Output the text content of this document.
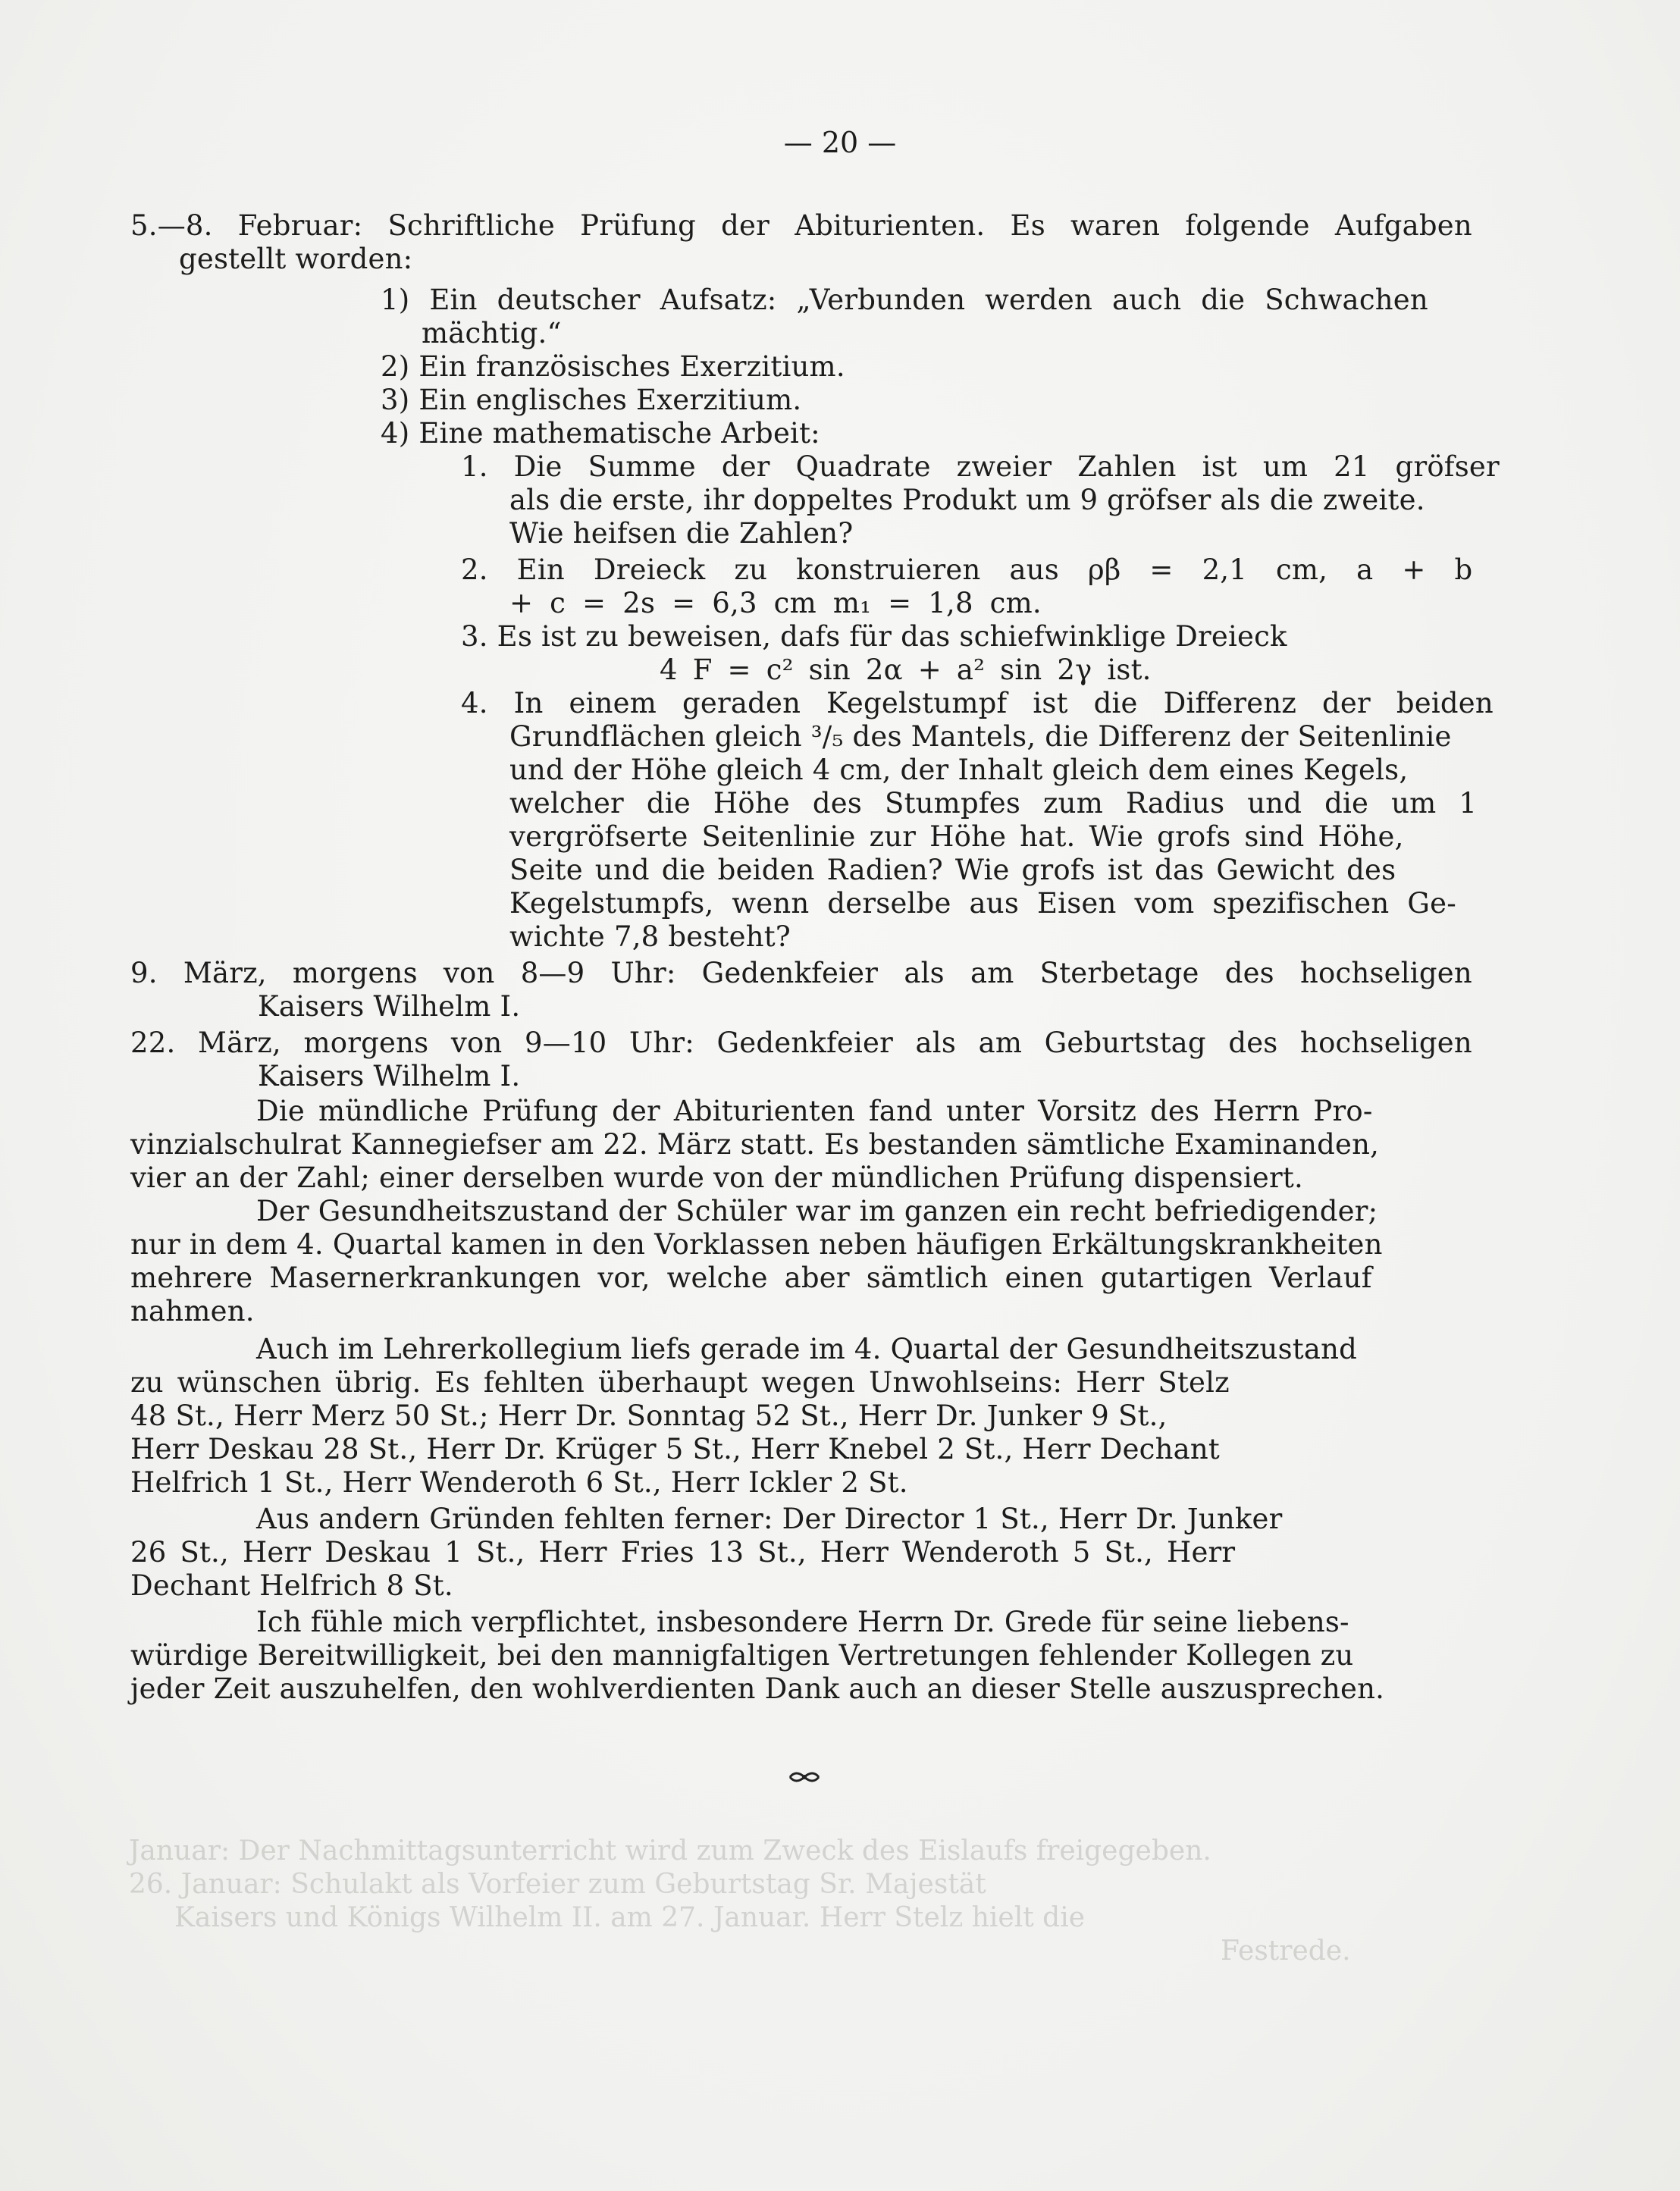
— 20 —
5.—8. Februar: Schriftliche Prüfung der Abiturienten. Es waren folgende Aufgaben
gestellt worden:
1) Ein deutscher Aufsatz: „Verbunden werden auch die Schwachen
mächtig.“
2) Ein französisches Exerzitium.
3) Ein englisches Exerzitium.
4) Eine mathematische Arbeit:
1. Die Summe der Quadrate zweier Zahlen ist um 21 gröfser
als die erste, ihr doppeltes Produkt um 9 gröfser als die zweite.
Wie heifsen die Zahlen?
2. Ein Dreieck zu konstruieren aus ρβ = 2,1 cm, a + b
+ c = 2s = 6,3 cm m₁ = 1,8 cm.
3. Es ist zu beweisen, dafs für das schiefwinklige Dreieck
4 F = c² sin 2α + a² sin 2γ ist.
4. In einem geraden Kegelstumpf ist die Differenz der beiden
Grundflächen gleich ³/₅ des Mantels, die Differenz der Seitenlinie
und der Höhe gleich 4 cm, der Inhalt gleich dem eines Kegels,
welcher die Höhe des Stumpfes zum Radius und die um 1
vergröfserte Seitenlinie zur Höhe hat. Wie grofs sind Höhe,
Seite und die beiden Radien? Wie grofs ist das Gewicht des
Kegelstumpfs, wenn derselbe aus Eisen vom spezifischen Ge-
wichte 7,8 besteht?
9. März, morgens von 8—9 Uhr: Gedenkfeier als am Sterbetage des hochseligen
Kaisers Wilhelm I.
22. März, morgens von 9—10 Uhr: Gedenkfeier als am Geburtstag des hochseligen
Kaisers Wilhelm I.
Die mündliche Prüfung der Abiturienten fand unter Vorsitz des Herrn Pro-
vinzialschulrat Kannegiefser am 22. März statt. Es bestanden sämtliche Examinanden,
vier an der Zahl; einer derselben wurde von der mündlichen Prüfung dispensiert.
Der Gesundheitszustand der Schüler war im ganzen ein recht befriedigender;
nur in dem 4. Quartal kamen in den Vorklassen neben häufigen Erkältungskrankheiten
mehrere Masernerkrankungen vor, welche aber sämtlich einen gutartigen Verlauf
nahmen.
Auch im Lehrerkollegium liefs gerade im 4. Quartal der Gesundheitszustand
zu wünschen übrig. Es fehlten überhaupt wegen Unwohlseins: Herr Stelz
48 St., Herr Merz 50 St.; Herr Dr. Sonntag 52 St., Herr Dr. Junker 9 St.,
Herr Deskau 28 St., Herr Dr. Krüger 5 St., Herr Knebel 2 St., Herr Dechant
Helfrich 1 St., Herr Wenderoth 6 St., Herr Ickler 2 St.
Aus andern Gründen fehlten ferner: Der Director 1 St., Herr Dr. Junker
26 St., Herr Deskau 1 St., Herr Fries 13 St., Herr Wenderoth 5 St., Herr
Dechant Helfrich 8 St.
Ich fühle mich verpflichtet, insbesondere Herrn Dr. Grede für seine liebens-
würdige Bereitwilligkeit, bei den mannigfaltigen Vertretungen fehlender Kollegen zu
jeder Zeit auszuhelfen, den wohlverdienten Dank auch an dieser Stelle auszusprechen.
Januar: Der Nachmittagsunterricht wird zum Zweck des Eislaufs freigegeben.
26. Januar: Schulakt als Vorfeier zum Geburtstag Sr. Majestät
Kaisers und Königs Wilhelm II. am 27. Januar. Herr Stelz hielt die
Festrede.
